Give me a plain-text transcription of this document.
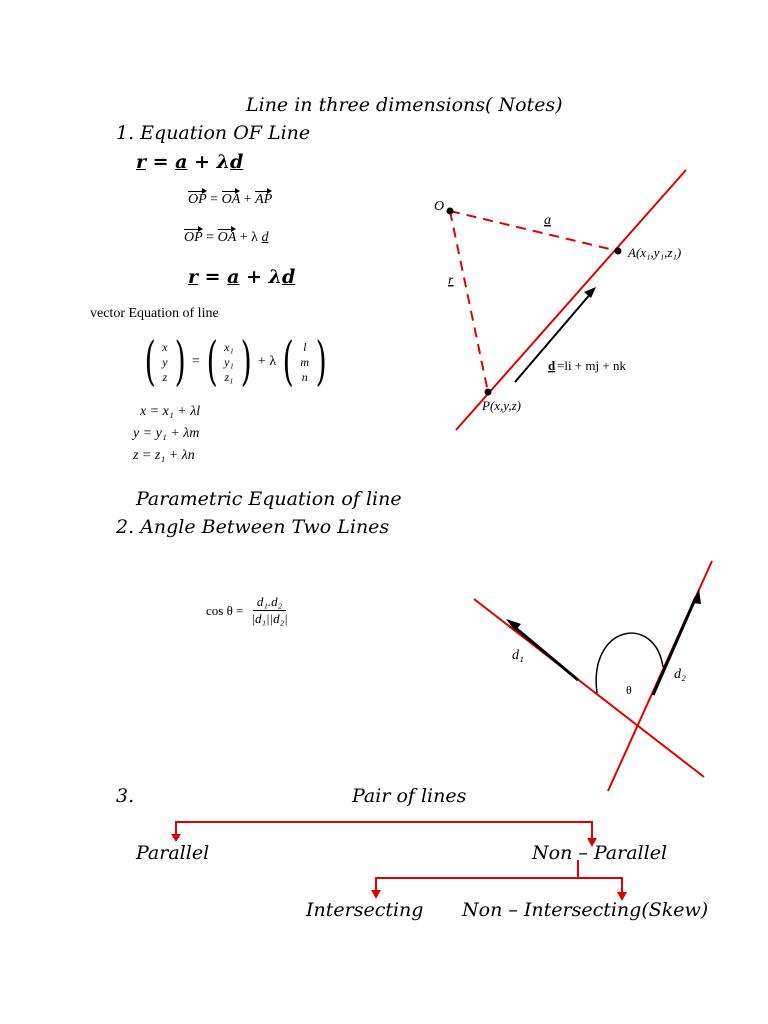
Line in three dimensions( Notes)
1. Equation OF Line
r = a + λd
OP = OA + AP
OP = OA + λ d
r = a + λd
vector Equation of line
( x
y
z ) = ( x₁
y₁
z₁ ) + λ ( l
m
n )
x = x₁ + λl
y = y₁ + λm
z = z₁ + λn
O
a
A(x₁,y₁,z₁)
r
P(x,y,z)
d =li + mj + nk
Parametric Equation of line
2. Angle Between Two Lines
$\cos \theta = \frac{\text{d₁.d₂}}{\text{|d₁||d₂|}}$
d₁
d₂
θ
3.	Pair of lines
Parallel	Non – Parallel
Intersecting Non – Intersecting(Skew)
